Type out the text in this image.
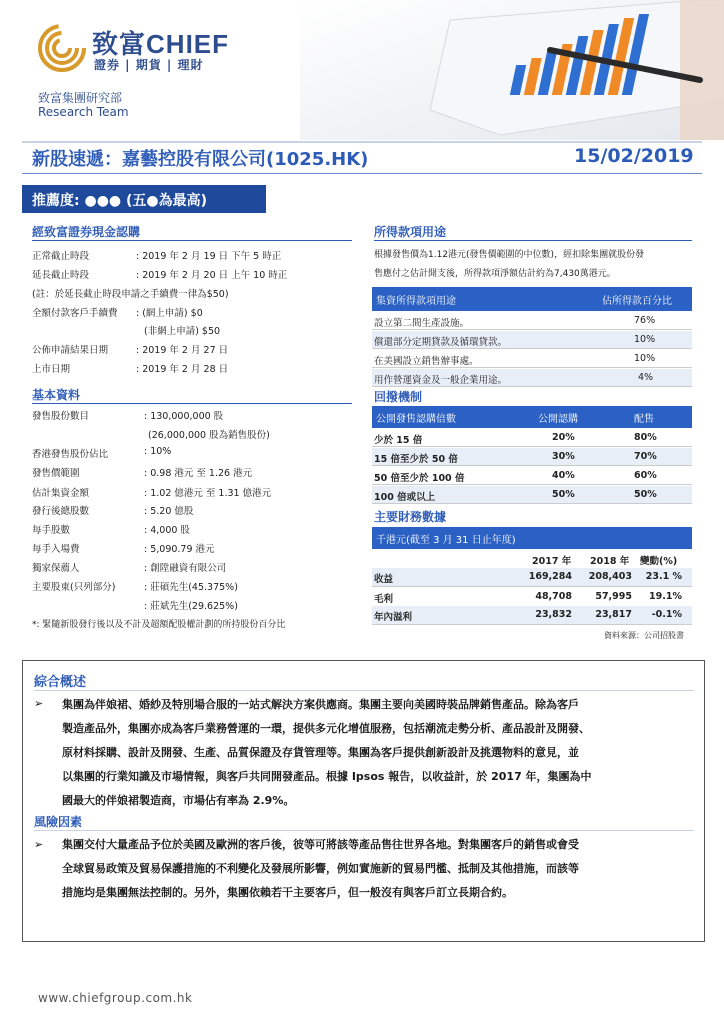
致富CHIEF
證券 | 期貨 | 理財
致富集團研究部
Research Team
新股速遞：嘉藝控股有限公司(1025.HK)	15/02/2019
推薦度: ●●● (五●為最高)
經致富證券現金認購
正常截止時段	: 2019 年 2 月 19 日 下午 5 時正
延長截止時段	: 2019 年 2 月 20 日 上午 10 時正
(註：於延長截止時段申請之手續費一律為$50)
全額付款客戶手續費 : (網上申請) $0
(非網上申請) $50
公佈申請結果日期	: 2019 年 2 月 27 日
上市日期	: 2019 年 2 月 28 日
基本資料
發售股份數目	: 130,000,000 股
(26,000,000 股為銷售股份)
香港發售股份佔比	: 10%
發售價範圍	: 0.98 港元 至 1.26 港元
估計集資金額	: 1.02 億港元 至 1.31 億港元
發行後總股數	: 5.20 億股
每手股數	: 4,000 股
每手入場費	: 5,090.79 港元
獨家保薦人	: 創陞融資有限公司
主要股東(只列部分)	: 莊碩先生(45.375%)
: 莊斌先生(29.625%)
*: 緊隨新股發行後以及不計及超額配股權計劃的所持股份百分比
所得款項用途
根據發售價為1.12港元(發售價範圍的中位數)，經扣除集團就股份發
售應付之估計開支後，所得款項淨額估計約為7,430萬港元。
集資所得款項用途	佔所得款百分比
設立第二間生產設施。	76%
償還部分定期貸款及循環貸款。	10%
在美國設立銷售辦事處。	10%
用作營運資金及一般企業用途。	4%
回撥機制
公開發售認購倍數	公開認購	配售
少於 15 倍	20%	80%
15 倍至少於 50 倍	30%	70%
50 倍至少於 100 倍	40%	60%
100 倍或以上	50%	50%
主要財務數據
千港元(截至 3 月 31 日止年度)
2017 年 2018 年 變動(%)
收益	169,284	208,403	23.1 %
毛利	48,708	57,995	19.1%
年內溢利	23,832	23,817	-0.1%
資料來源：公司招股書
綜合概述
➢ 集團為伴娘裙、婚紗及特別場合服的一站式解決方案供應商。集團主要向美國時裝品牌銷售產品。除為客戶
製造產品外，集團亦成為客戶業務營運的一環，提供多元化增值服務，包括潮流走勢分析、產品設計及開發、
原材料採購、設計及開發、生產、品質保證及存貨管理等。集團為客戶提供創新設計及挑選物料的意見，並
以集團的行業知識及市場情報，與客戶共同開發產品。根據 Ipsos 報告，以收益計，於 2017 年，集團為中
國最大的伴娘裙製造商，市場佔有率為 2.9%。
風險因素
➢ 集團交付大量產品予位於美國及歐洲的客戶後，彼等可將該等產品售往世界各地。對集團客戶的銷售或會受
全球貿易政策及貿易保護措施的不利變化及發展所影響，例如實施新的貿易門檻、抵制及其他措施，而該等
措施均是集團無法控制的。另外，集團依賴若干主要客戶，但一般沒有與客戶訂立長期合約。
www.chiefgroup.com.hk
